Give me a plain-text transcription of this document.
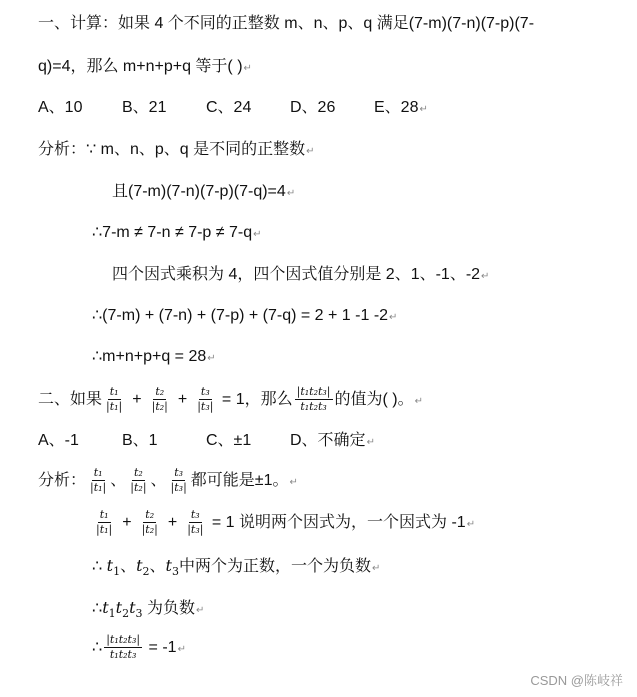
一、计算：如果 4 个不同的正整数 m、n、p、q 满足(7-m)(7-n)(7-p)(7-
q)=4，那么 m+n+p+q 等于( )↵
A、10 B、21 C、24 D、26 E、28↵
分析：∵ m、n、p、q 是不同的正整数↵
且(7-m)(7-n)(7-p)(7-q)=4↵
∴7-m ≠ 7-n ≠ 7-p ≠ 7-q↵
四个因式乘积为 4，四个因式值分别是 2、1、-1、-2↵
∴(7-m) + (7-n) + (7-p) + (7-q) = 2 + 1 -1 -2↵
∴m+n+p+q = 28↵
二、如果 $\frac{\text{t₁}}{\text{|t₁|}} + \frac{\text{t₂}}{\text{|t₂|}} + \frac{\text{t₃}}{\text{|t₃|}} = 1$，那么 $\frac{\text{|t₁t₂t₃|}}{\text{t₁t₂t₃}}$ 的值为( )。↵
A、-1	B、1	C、±1 D、不确定↵
分析： $\frac{\text{t₁}}{\text{|t₁|}}$ 、 $\frac{\text{t₂}}{\text{|t₂|}}$ 、 $\frac{\text{t₃}}{\text{|t₃|}}$ 都可能是±1。↵
$\frac{\text{t₁}}{\text{|t₁|}} + \frac{\text{t₂}}{\text{|t₂|}} + \frac{\text{t₃}}{\text{|t₃|}} = 1$ 说明两个因式为，一个因式为 -1↵
∴ $t_1$、$t_2$、$t_3$中两个为正数，一个为负数↵
$\therefore t_1t_2t_3$ 为负数↵
∴ $\frac{\text{|t₁t₂t₃|}}{\text{t₁t₂t₃}}$ = -1↵
CSDN @陈岐祥
